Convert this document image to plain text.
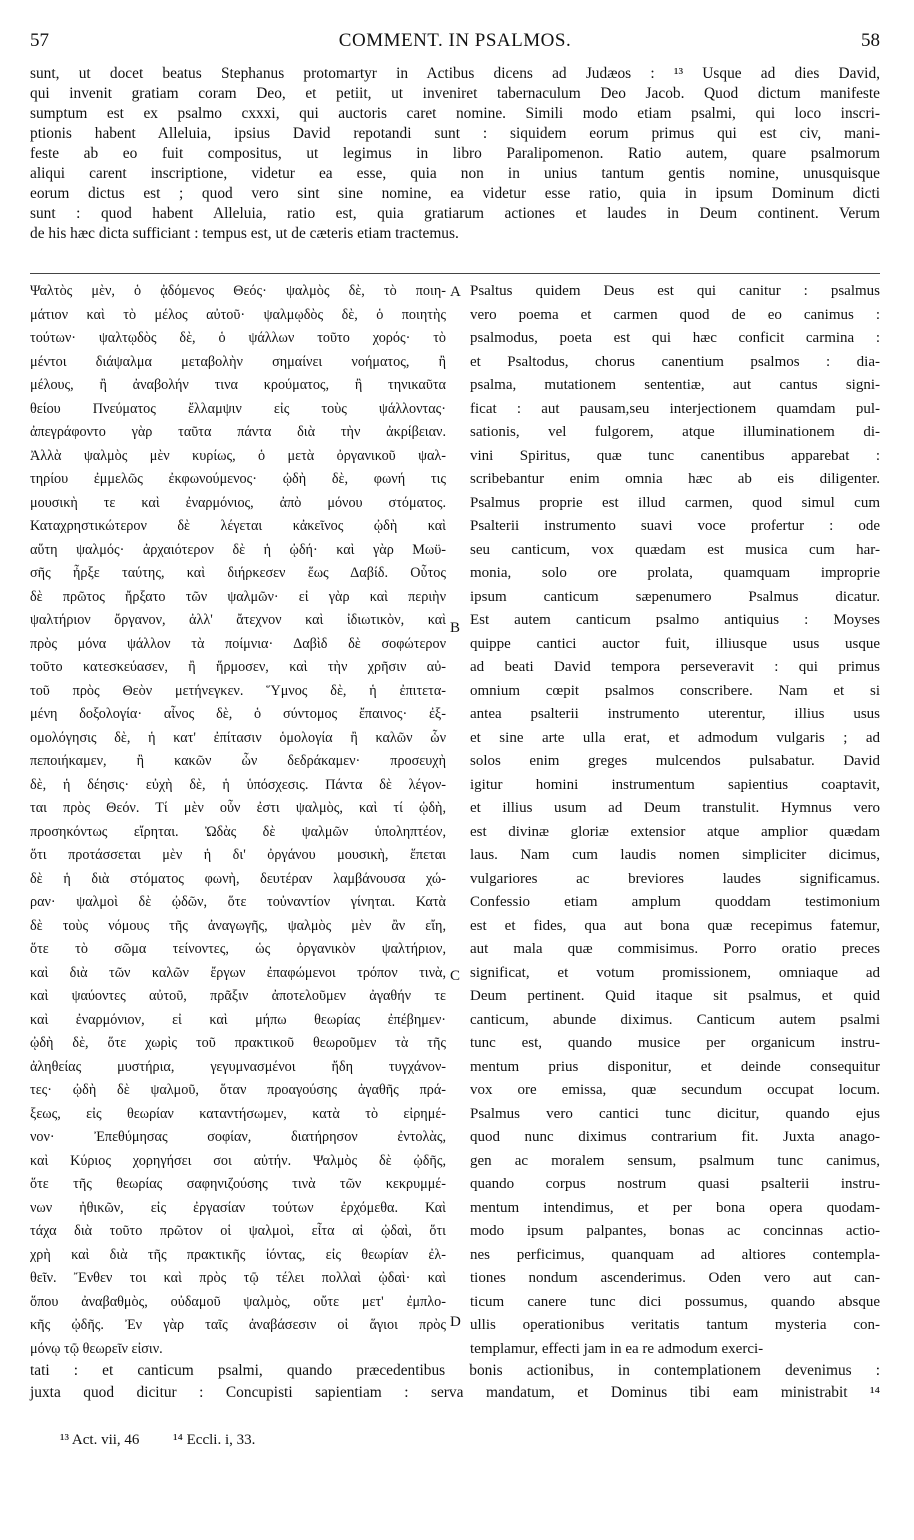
57	COMMENT. IN PSALMOS.	58
sunt, ut docet beatus Stephanus protomartyr in Actibus dicens ad Judæos : ¹³ Usque ad dies David,
qui invenit gratiam coram Deo, et petiit, ut inveniret tabernaculum Deo Jacob. Quod dictum manifeste
sumptum est ex psalmo cxxxi, qui auctoris caret nomine. Simili modo etiam psalmi, qui loco inscri-
ptionis habent Alleluia, ipsius David repotandi sunt : siquidem eorum primus qui est civ, mani-
feste ab eo fuit compositus, ut legimus in libro Paralipomenon. Ratio autem, quare psalmorum
aliqui carent inscriptione, videtur ea esse, quia non in unius tantum gentis nomine, unusquisque
eorum dictus est ; quod vero sint sine nomine, ea videtur esse ratio, quia in ipsum Dominum dicti
sunt : quod habent Alleluia, ratio est, quia gratiarum actiones et laudes in Deum continent. Verum
de his hæc dicta sufficiant : tempus est, ut de cæteris etiam tractemus.
Ψαλτὸς μὲν, ὁ ᾀδόμενος Θεός· ψαλμὸς δὲ, τὸ ποιη-
μάτιον καὶ τὸ μέλος αὐτοῦ· ψαλμῳδὸς δὲ, ὁ ποιητὴς
τούτων· ψαλτῳδὸς δὲ, ὁ ψάλλων τοῦτο χορός· τὸ
μέντοι διάψαλμα μεταβολὴν σημαίνει νοήματος, ἢ
μέλους, ἢ ἀναβολήν τινα κρούματος, ἢ τηνικαῦτα
θείου Πνεύματος ἔλλαμψιν εἰς τοὺς ψάλλοντας·
ἀπεγράφοντο γὰρ ταῦτα πάντα διὰ τὴν ἀκρίβειαν.
Ἀλλὰ ψαλμὸς μὲν κυρίως, ὁ μετὰ ὀργανικοῦ ψαλ-
τηρίου ἐμμελῶς ἐκφωνούμενος· ᾠδὴ δὲ, φωνή τις
μουσικὴ τε καὶ ἐναρμόνιος, ἀπὸ μόνου στόματος.
Καταχρηστικώτερον δὲ λέγεται κἀκεῖνος ᾠδὴ καὶ
αὕτη ψαλμός· ἀρχαιότερον δὲ ἡ ᾠδή· καὶ γὰρ Μωϋ-
σῆς ἦρξε ταύτης, καὶ διήρκεσεν ἕως Δαβίδ. Οὗτος
δὲ πρῶτος ἤρξατο τῶν ψαλμῶν· εἰ γὰρ καὶ περιὴν
ψαλτήριον ὄργανον, ἀλλ' ἄτεχνον καὶ ἰδιωτικὸν, καὶ
πρὸς μόνα ψάλλον τὰ ποίμνια· Δαβὶδ δὲ σοφώτερον
τοῦτο κατεσκεύασεν, ἢ ἥρμοσεν, καὶ τὴν χρῆσιν αὐ-
τοῦ πρὸς Θεὸν μετήνεγκεν. Ὕμνος δὲ, ἡ ἐπιτετα-
μένη δοξολογία· αἶνος δὲ, ὁ σύντομος ἔπαινος· ἐξ-
ομολόγησις δὲ, ἡ κατ' ἐπίτασιν ὁμολογία ἢ καλῶν ὧν
πεποιήκαμεν, ἢ κακῶν ὧν δεδράκαμεν· προσευχὴ
δὲ, ἡ δέησις· εὐχὴ δὲ, ἡ ὑπόσχεσις. Πάντα δὲ λέγον-
ται πρὸς Θεόν. Τί μὲν οὖν ἐστι ψαλμὸς, καὶ τί ᾠδὴ,
προσηκόντως εἴρηται. Ὠδὰς δὲ ψαλμῶν ὑποληπτέον,
ὅτι προτάσσεται μὲν ἡ δι' ὀργάνου μουσικὴ, ἕπεται
δὲ ἡ διὰ στόματος φωνὴ, δευτέραν λαμβάνουσα χώ-
ραν· ψαλμοὶ δὲ ᾠδῶν, ὅτε τοὐναντίον γίνηται. Κατὰ
δὲ τοὺς νόμους τῆς ἀναγωγῆς, ψαλμὸς μὲν ἂν εἴη,
ὅτε τὸ σῶμα τείνοντες, ὡς ὀργανικὸν ψαλτήριον,
καὶ διὰ τῶν καλῶν ἔργων ἐπαφώμενοι τρόπον τινὰ,
καὶ ψαύοντες αὐτοῦ, πρᾶξιν ἀποτελοῦμεν ἀγαθήν τε
καὶ ἐναρμόνιον, εἰ καὶ μήπω θεωρίας ἐπέβημεν·
ᾠδὴ δὲ, ὅτε χωρὶς τοῦ πρακτικοῦ θεωροῦμεν τὰ τῆς
ἀληθείας μυστήρια, γεγυμνασμένοι ἤδη τυγχάνον-
τες· ᾠδὴ δὲ ψαλμοῦ, ὅταν προαγούσης ἀγαθῆς πρά-
ξεως, εἰς θεωρίαν καταντήσωμεν, κατὰ τὸ εἰρημέ-
νον· Ἐπεθύμησας σοφίαν, διατήρησον ἐντολὰς,
καὶ Κύριος χορηγήσει σοι αὐτήν. Ψαλμὸς δὲ ᾠδῆς,
ὅτε τῆς θεωρίας σαφηνιζούσης τινὰ τῶν κεκρυμμέ-
νων ἠθικῶν, εἰς ἐργασίαν τούτων ἐρχόμεθα. Καὶ
τάχα διὰ τοῦτο πρῶτον οἱ ψαλμοὶ, εἶτα αἱ ᾠδαὶ, ὅτι
χρὴ καὶ διὰ τῆς πρακτικῆς ἰόντας, εἰς θεωρίαν ἐλ-
θεῖν. Ἔνθεν τοι καὶ πρὸς τῷ τέλει πολλαὶ ᾠδαὶ· καὶ
ὅπου ἀναβαθμὸς, οὐδαμοῦ ψαλμὸς, οὔτε μετ' ἐμπλο-
κῆς ᾠδῆς. Ἐν γὰρ ταῖς ἀναβάσεσιν οἱ ἅγιοι πρὸς
μόνῳ τῷ θεωρεῖν εἰσιν.
A
B
C
D
Psaltus quidem Deus est qui canitur : psalmus
vero poema et carmen quod de eo canimus :
psalmodus, poeta est qui hæc conficit carmina :
et Psaltodus, chorus canentium psalmos : dia-
psalma, mutationem sententiæ, aut cantus signi-
ficat : aut pausam,seu interjectionem quamdam pul-
sationis, vel fulgorem, atque illuminationem di-
vini Spiritus, quæ tunc canentibus apparebat :
scribebantur enim omnia hæc ab eis diligenter.
Psalmus proprie est illud carmen, quod simul cum
Psalterii instrumento suavi voce profertur : ode
seu canticum, vox quædam est musica cum har-
monia, solo ore prolata, quamquam improprie
ipsum canticum sæpenumero Psalmus dicatur.
Est autem canticum psalmo antiquius : Moyses
quippe cantici auctor fuit, illiusque usus usque
ad beati David tempora perseveravit : qui primus
omnium cœpit psalmos conscribere. Nam et si
antea psalterii instrumento uterentur, illius usus
et sine arte ulla erat, et admodum vulgaris ; ad
solos enim greges mulcendos pulsabatur. David
igitur homini instrumentum sapientius coaptavit,
et illius usum ad Deum transtulit. Hymnus vero
est divinæ gloriæ extensior atque amplior quædam
laus. Nam cum laudis nomen simpliciter dicimus,
vulgariores ac breviores laudes significamus.
Confessio etiam amplum quoddam testimonium
est et fides, qua aut bona quæ recepimus fatemur,
aut mala quæ commisimus. Porro oratio preces
significat, et votum promissionem, omniaque ad
Deum pertinent. Quid itaque sit psalmus, et quid
canticum, abunde diximus. Canticum autem psalmi
tunc est, quando musice per organicum instru-
mentum prius disponitur, et deinde consequitur
vox ore emissa, quæ secundum occupat locum.
Psalmus vero cantici tunc dicitur, quando ejus
quod nunc diximus contrarium fit. Juxta anago-
gen ac moralem sensum, psalmum tunc canimus,
quando corpus nostrum quasi psalterii instru-
mentum intendimus, et per bona opera quodam-
modo ipsum palpantes, bonas ac concinnas actio-
nes perficimus, quanquam ad altiores contempla-
tiones nondum ascenderimus. Oden vero aut can-
ticum canere tunc dici possumus, quando absque
ullis operationibus veritatis tantum mysteria con-
templamur, effecti jam in ea re admodum exerci-
tati : et canticum psalmi, quando præcedentibus bonis actionibus, in contemplationem devenimus :
juxta quod dicitur : Concupisti sapientiam : serva mandatum, et Dominus tibi eam ministrabit ¹⁴
¹³ Act. vii, 46 ¹⁴ Eccli. i, 33.
